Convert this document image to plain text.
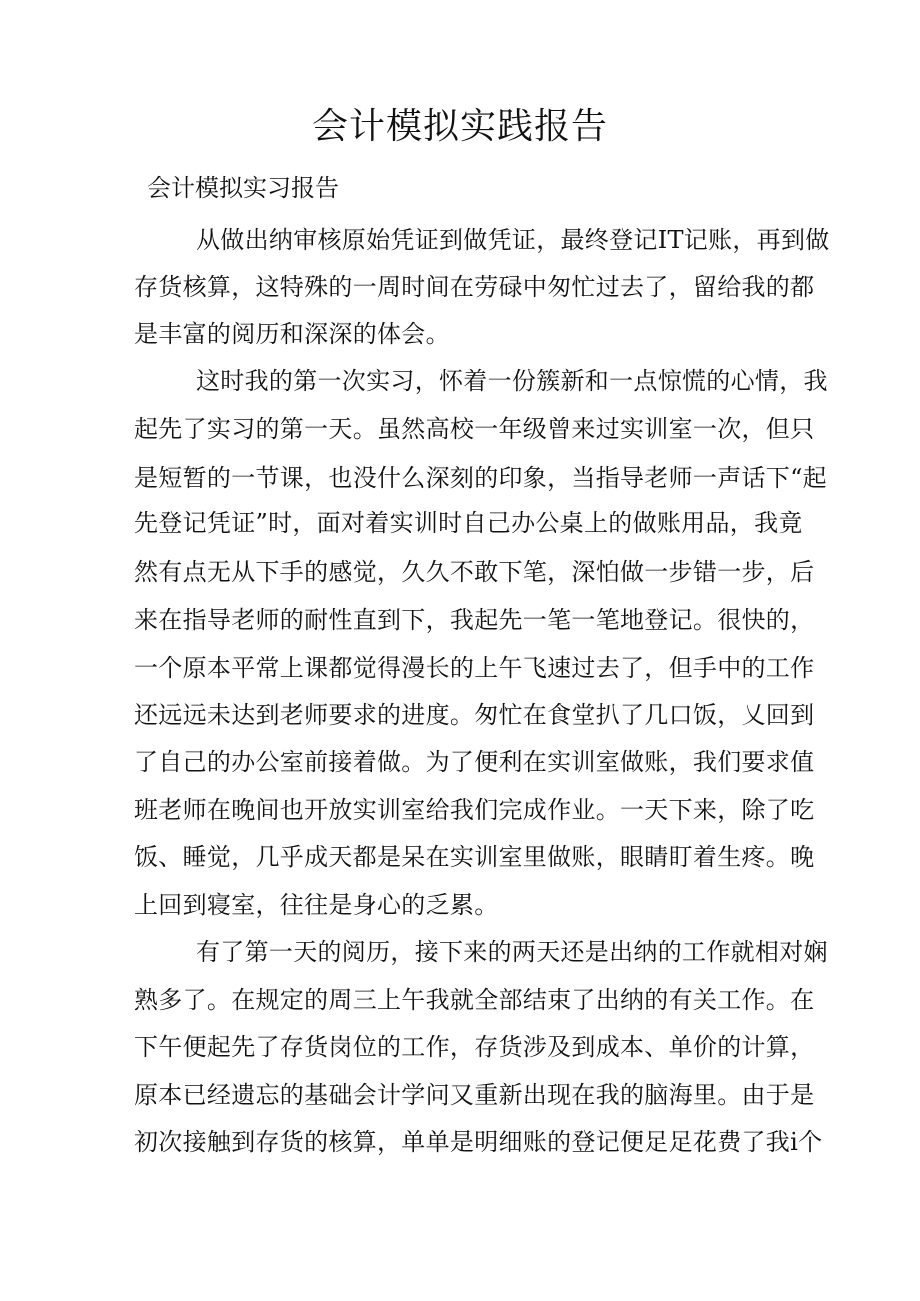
会计模拟实践报告

会计模拟实习报告

从做出纳审核原始凭证到做凭证，最终登记IT记账，再到做

存货核算，这特殊的一周时间在劳碌中匆忙过去了，留给我的都

是丰富的阅历和深深的体会。

这时我的第一次实习，怀着一份簇新和一点惊慌的心情，我

起先了实习的第一天。虽然高校一年级曾来过实训室一次，但只

是短暂的一节课，也没什么深刻的印象，当指导老师一声话下“起

先登记凭证”时，面对着实训时自己办公桌上的做账用品，我竟

然有点无从下手的感觉，久久不敢下笔，深怕做一步错一步，后

来在指导老师的耐性直到下，我起先一笔一笔地登记。很快的，

一个原本平常上课都觉得漫长的上午飞速过去了，但手中的工作

还远远未达到老师要求的进度。匆忙在食堂扒了几口饭，乂回到

了自己的办公室前接着做。为了便利在实训室做账，我们要求值

班老师在晚间也开放实训室给我们完成作业。一天下来，除了吃

饭、睡觉，几乎成天都是呆在实训室里做账，眼睛盯着生疼。晚

上回到寝室，往往是身心的乏累。

有了第一天的阅历，接下来的两天还是出纳的工作就相对娴

熟多了。在规定的周三上午我就全部结束了出纳的有关工作。在

下午便起先了存货岗位的工作，存货涉及到成本、单价的计算，

原本已经遗忘的基础会计学问又重新出现在我的脑海里。由于是

初次接触到存货的核算，单单是明细账的登记便足足花费了我i个
